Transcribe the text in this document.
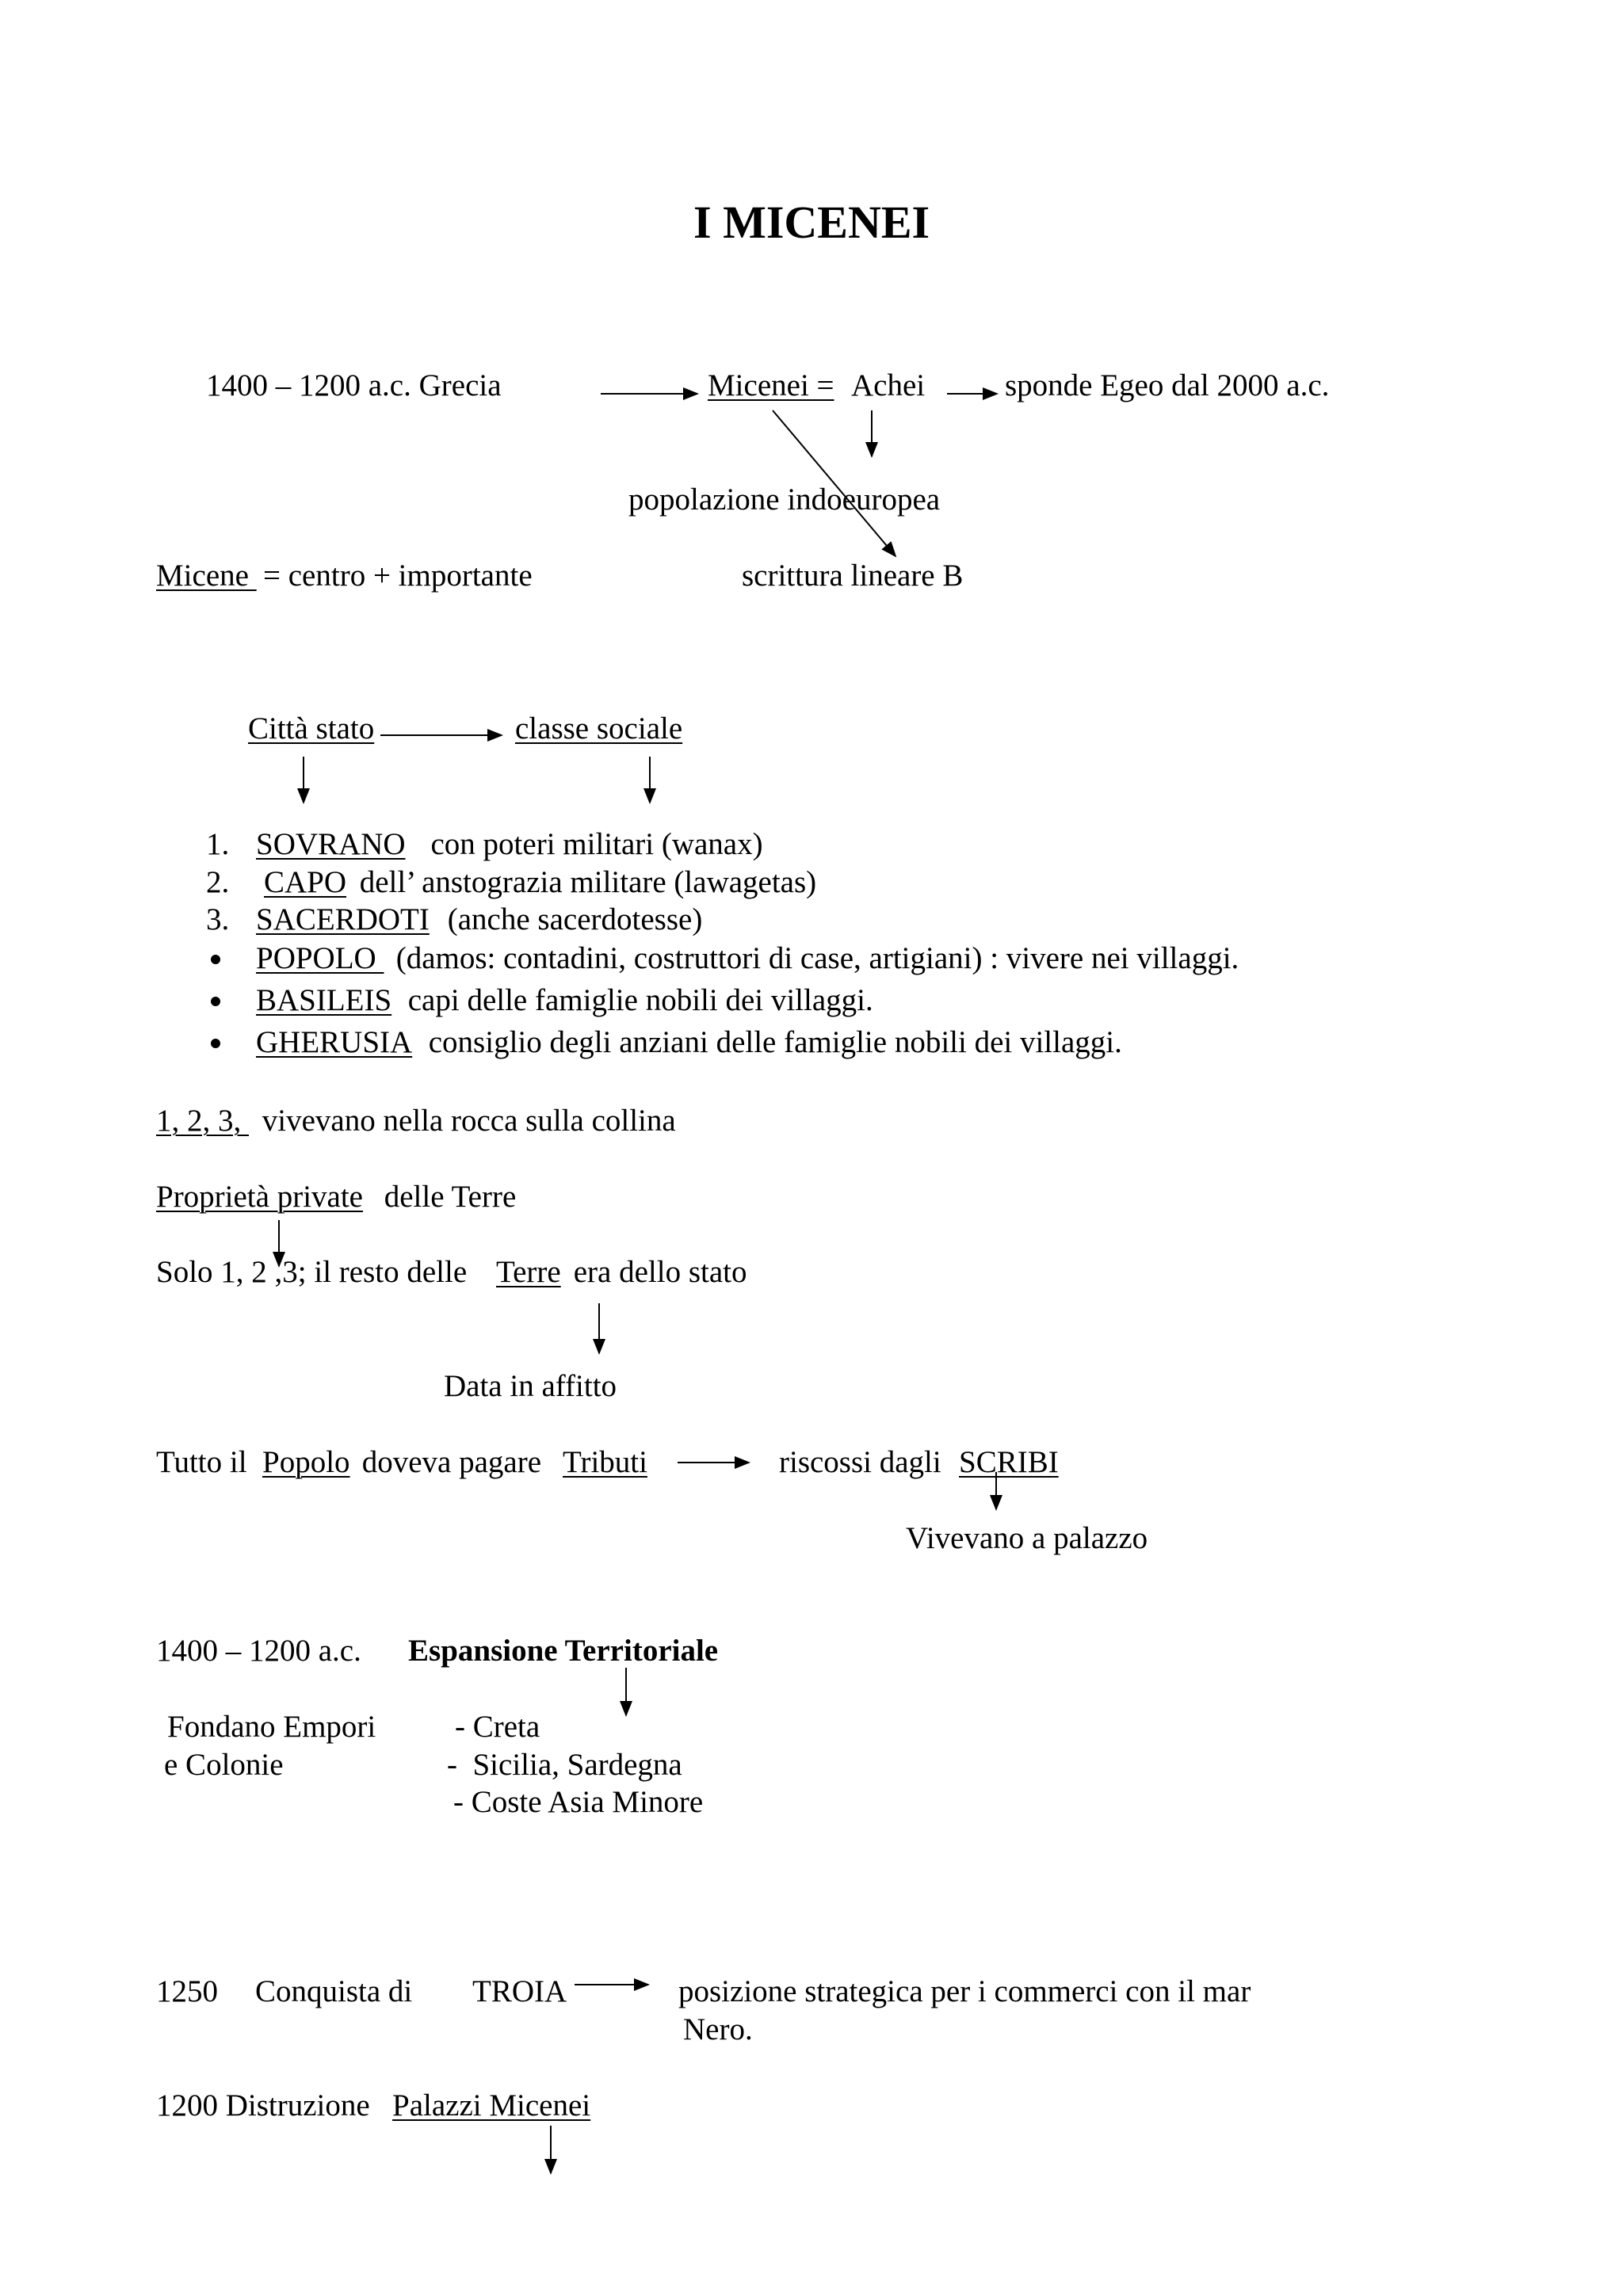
I MICENEI
1400 – 1200 a.c. Grecia	Micenei = Achei	sponde Egeo dal 2000 a.c.
popolazione indoeuropea
Micene = centro + importante	scrittura lineare B
Città stato	classe sociale
1. SOVRANO con poteri militari (wanax)
2. CAPO dell’ anstograzia militare (lawagetas)
3. SACERDOTI (anche sacerdotesse)
POPOLO (damos: contadini, costruttori di case, artigiani) : vivere nei villaggi.
BASILEIS capi delle famiglie nobili dei villaggi.
GHERUSIA consiglio degli anziani delle famiglie nobili dei villaggi.
1, 2, 3, vivevano nella rocca sulla collina
Proprietà private delle Terre
Solo 1, 2 ,3; il resto delle Terre era dello stato
Data in affitto
Tutto il Popolo doveva pagare Tributi	riscossi dagli SCRIBI
Vivevano a palazzo
1400 – 1200 a.c. Espansione Territoriale
Fondano Empori
e Colonie
- Creta
-  Sicilia, Sardegna
- Coste Asia Minore
1250 Conquista di TROIA	posizione strategica per i commerci con il mar
Nero.
1200 Distruzione Palazzi Micenei
